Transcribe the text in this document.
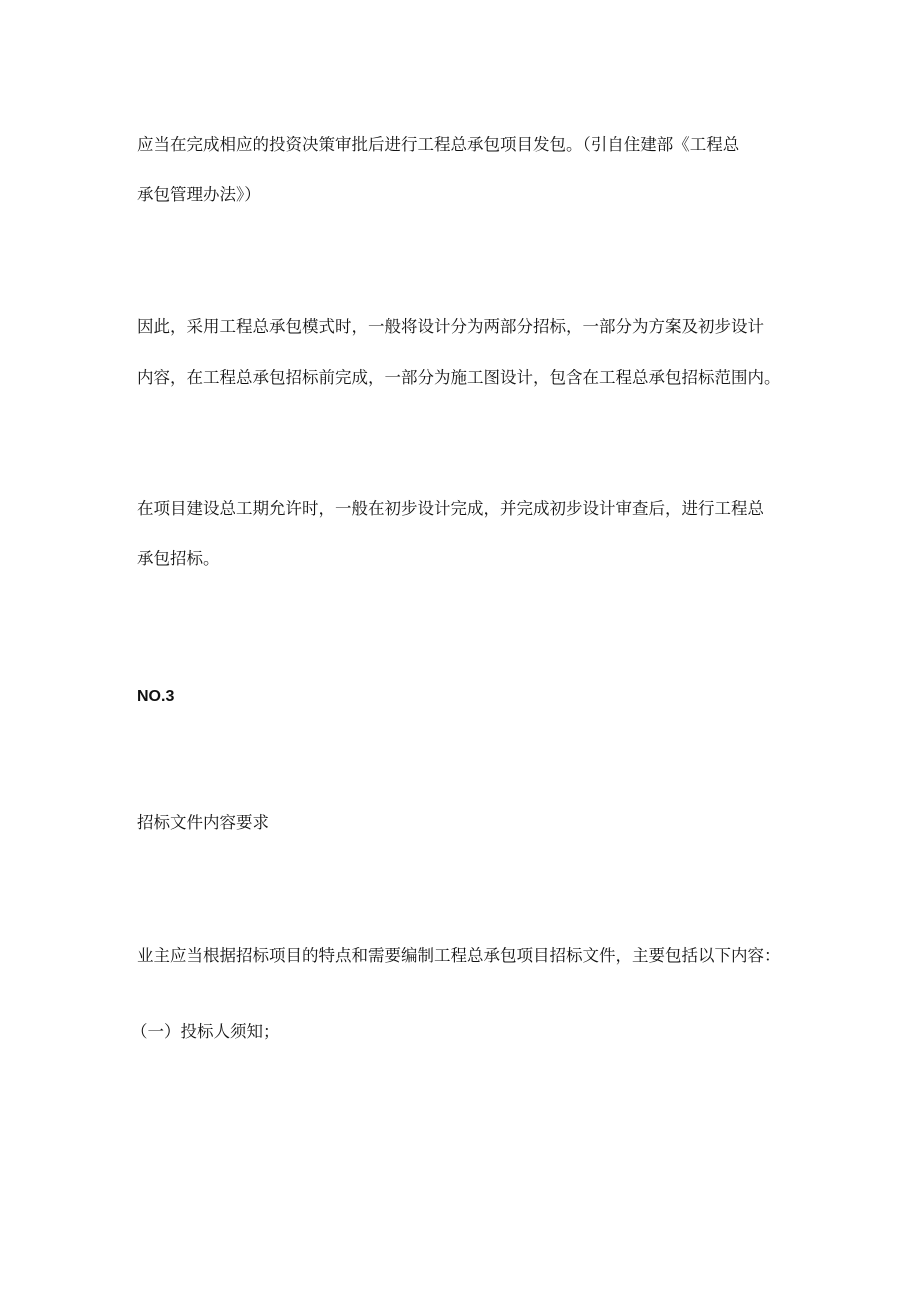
应当在完成相应的投资决策审批后进行工程总承包项目发包。（引自住建部《工程总
承包管理办法》）
因此，采用工程总承包模式时，一般将设计分为两部分招标，一部分为方案及初步设计
内容，在工程总承包招标前完成，一部分为施工图设计，包含在工程总承包招标范围内。
在项目建设总工期允许时，一般在初步设计完成，并完成初步设计审查后，进行工程总
承包招标。
NO.3
招标文件内容要求
业主应当根据招标项目的特点和需要编制工程总承包项目招标文件，主要包括以下内容：
（一）投标人须知；
